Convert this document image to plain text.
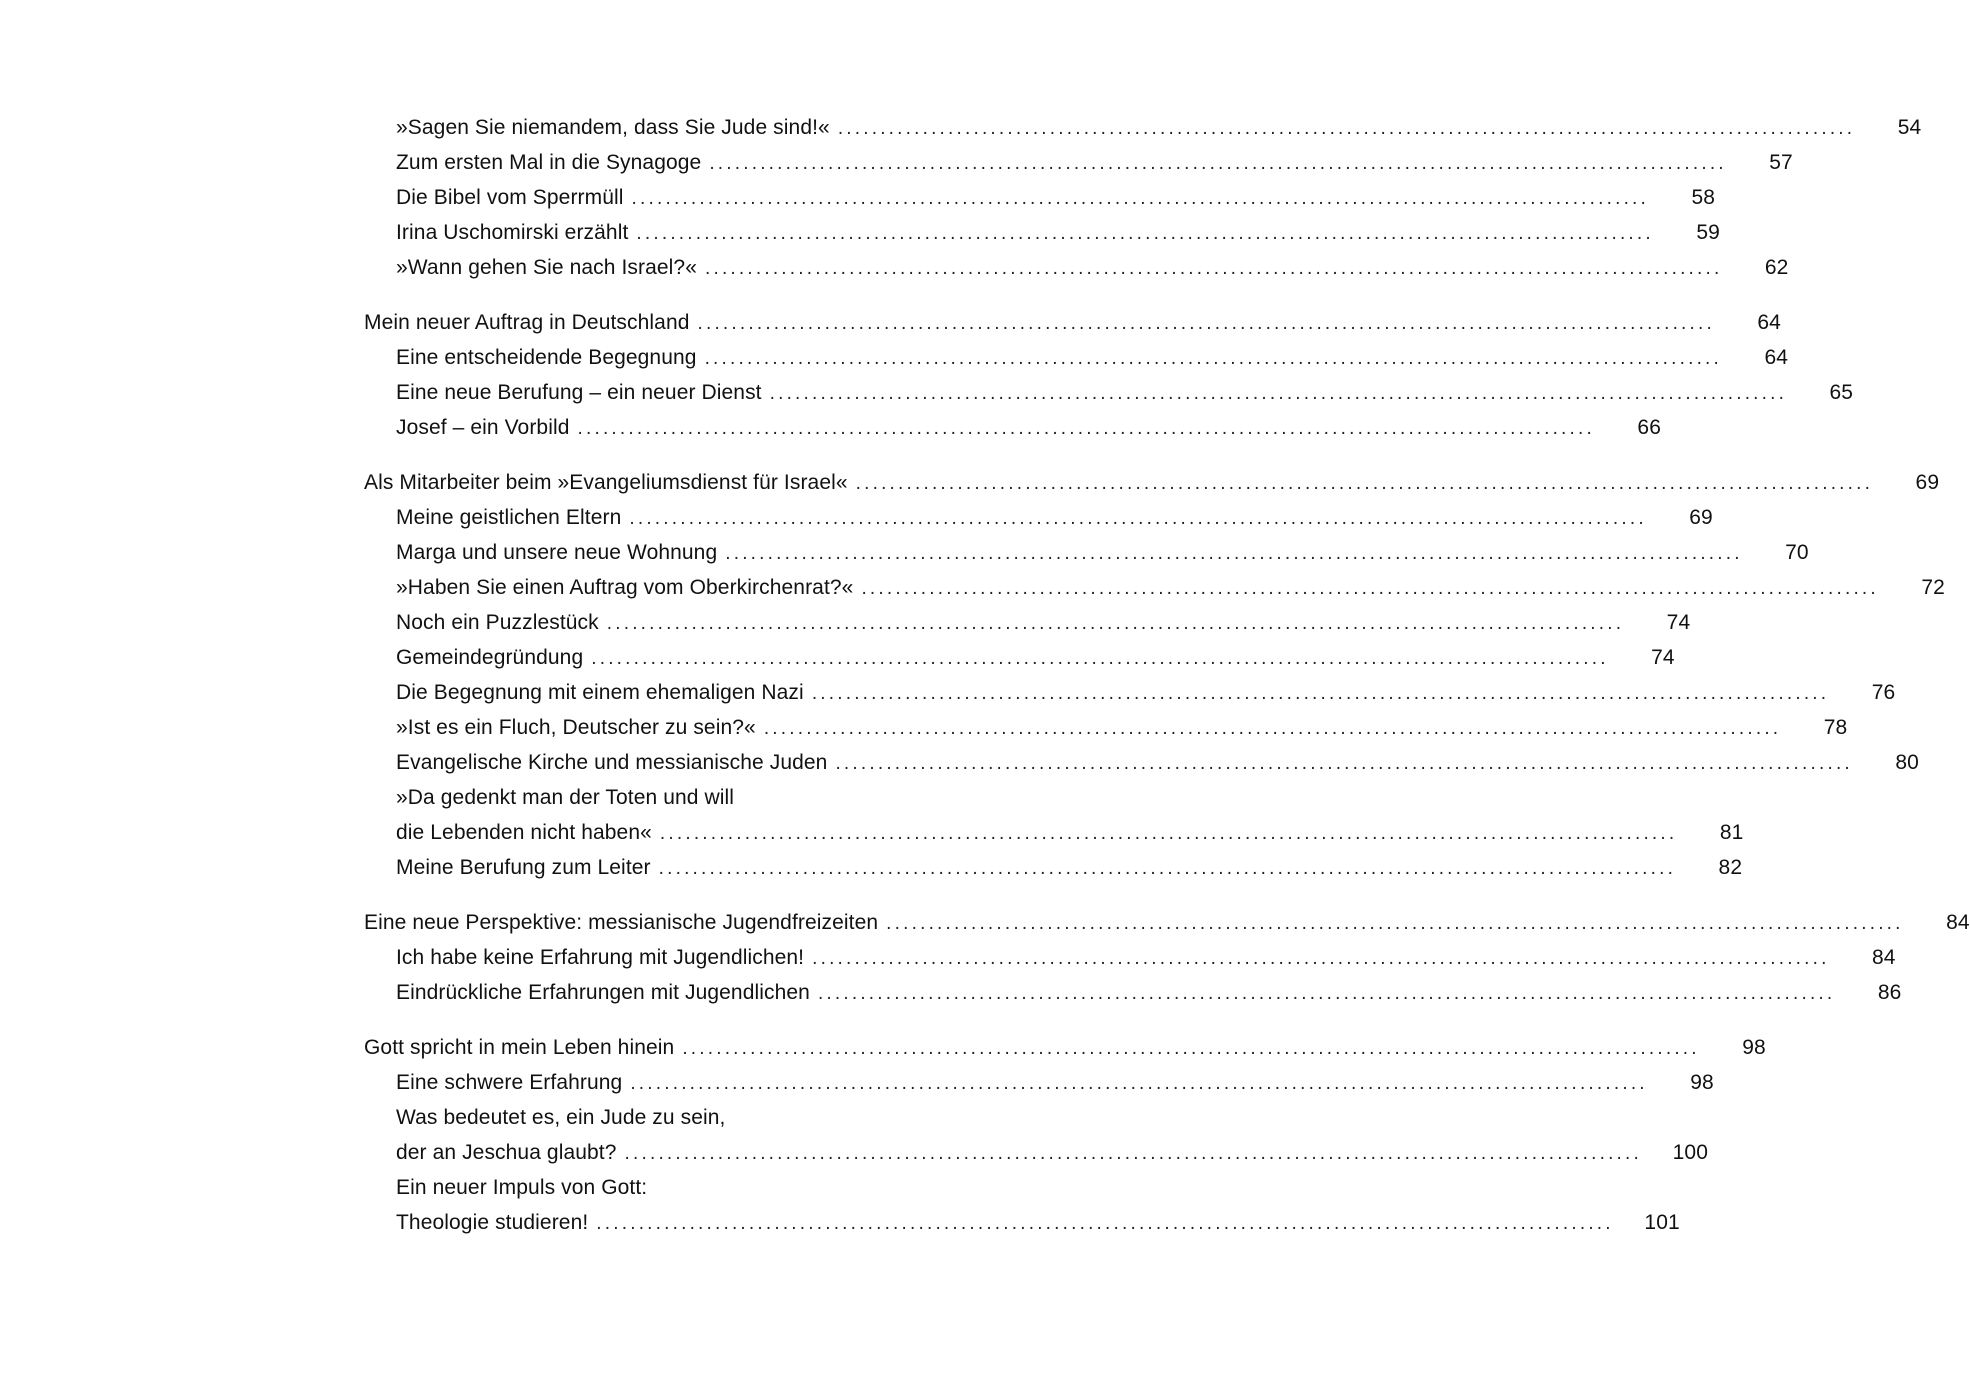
»Sagen Sie niemandem, dass Sie Jude sind!« ........................................................................................................................	54
Zum ersten Mal in die Synagoge ........................................................................................................................	57
Die Bibel vom Sperrmüll ........................................................................................................................	58
Irina Uschomirski erzählt ........................................................................................................................	59
»Wann gehen Sie nach Israel?« ........................................................................................................................	62
Mein neuer Auftrag in Deutschland ........................................................................................................................	64
Eine entscheidende Begegnung ........................................................................................................................	64
Eine neue Berufung – ein neuer Dienst ........................................................................................................................	65
Josef – ein Vorbild ........................................................................................................................	66
Als Mitarbeiter beim »Evangeliumsdienst für Israel« ........................................................................................................................	69
Meine geistlichen Eltern ........................................................................................................................	69
Marga und unsere neue Wohnung ........................................................................................................................	70
»Haben Sie einen Auftrag vom Oberkirchenrat?« ........................................................................................................................	72
Noch ein Puzzlestück ........................................................................................................................	74
Gemeindegründung ........................................................................................................................	74
Die Begegnung mit einem ehemaligen Nazi ........................................................................................................................	76
»Ist es ein Fluch, Deutscher zu sein?« ........................................................................................................................	78
Evangelische Kirche und messianische Juden ........................................................................................................................	80
»Da gedenkt man der Toten und will
die Lebenden nicht haben« ........................................................................................................................	81
Meine Berufung zum Leiter ........................................................................................................................	82
Eine neue Perspektive: messianische Jugendfreizeiten ........................................................................................................................	84
Ich habe keine Erfahrung mit Jugendlichen! ........................................................................................................................	84
Eindrückliche Erfahrungen mit Jugendlichen ........................................................................................................................	86
Gott spricht in mein Leben hinein ........................................................................................................................	98
Eine schwere Erfahrung ........................................................................................................................	98
Was bedeutet es, ein Jude zu sein,
der an Jeschua glaubt? ........................................................................................................................ 100
Ein neuer Impuls von Gott:
Theologie studieren! ........................................................................................................................ 101
